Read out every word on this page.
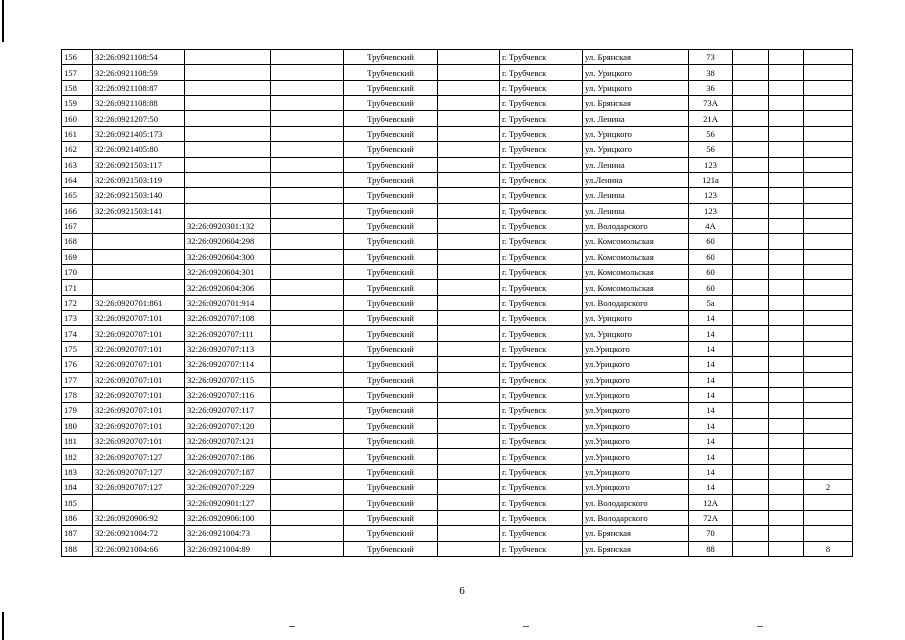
156	32:26:0921108:54			Трубчевский		г. Трубчевск	ул. Брянская	73			
157	32:26:0921108:59			Трубчевский		г. Трубчевск	ул. Урицкого	38			
158	32:26:0921108:87			Трубчевский		г. Трубчевск	ул. Урицкого	36			
159	32:26:0921108:88			Трубчевский		г. Трубчевск	ул. Брянская	73А			
160	32:26:0921207:50			Трубчевский		г. Трубчевск	ул. Ленина	21А			
161	32:26:0921405:173			Трубчевский		г. Трубчевск	ул. Урицкого	56			
162	32:26:0921405:80			Трубчевский		г. Трубчевск	ул. Урицкого	56			
163	32:26:0921503:117			Трубчевский		г. Трубчевск	ул. Ленина	123			
164	32:26:0921503:119			Трубчевский		г. Трубчевск	ул.Ленина	121а			
165	32:26:0921503:140			Трубчевский		г. Трубчевск	ул. Ленина	123			
166	32:26:0921503:141			Трубчевский		г. Трубчевск	ул. Ленина	123			
167		32:26:0920301:132		Трубчевский		г. Трубчевск	ул. Володарского	4А			
168		32:26:0920604:298		Трубчевский		г. Трубчевск	ул. Комсомольская	60			
169		32:26:0920604:300		Трубчевский		г. Трубчевск	ул. Комсомольская	60			
170		32:26:0920604:301		Трубчевский		г. Трубчевск	ул. Комсомольская	60			
171		32:26:0920604:306		Трубчевский		г. Трубчевск	ул. Комсомольская	60			
172	32:26:0920701:861	32:26:0920701:914		Трубчевский		г. Трубчевск	ул. Володарского	5а			
173	32:26:0920707:101	32:26:0920707:108		Трубчевский		г. Трубчевск	ул. Урицкого	14			
174	32:26:0920707:101	32:26:0920707:111		Трубчевский		г. Трубчевск	ул. Урицкого	14			
175	32:26:0920707:101	32:26:0920707:113		Трубчевский		г. Трубчевск	ул.Урицкого	14			
176	32:26:0920707:101	32:26:0920707:114		Трубчевский		г. Трубчевск	ул.Урицкого	14			
177	32:26:0920707:101	32:26:0920707:115		Трубчевский		г. Трубчевск	ул.Урицкого	14			
178	32:26:0920707:101	32:26:0920707:116		Трубчевский		г. Трубчевск	ул.Урицкого	14			
179	32:26:0920707:101	32:26:0920707:117		Трубчевский		г. Трубчевск	ул.Урицкого	14			
180	32:26:0920707:101	32:26:0920707:120		Трубчевский		г. Трубчевск	ул.Урицкого	14			
181	32:26:0920707:101	32:26:0920707:121		Трубчевский		г. Трубчевск	ул.Урицкого	14			
182	32:26:0920707:127	32:26:0920707:186		Трубчевский		г. Трубчевск	ул.Урицкого	14			
183	32:26:0920707:127	32:26:0920707:187		Трубчевский		г. Трубчевск	ул.Урицкого	14			
184	32:26:0920707:127	32:26:0920707:229		Трубчевский		г. Трубчевск	ул.Урицкого	14			2
185		32:26:0920901:127		Трубчевский		г. Трубчевск	ул. Володарского	12А			
186	32:26:0920906:92	32:26:0920906:100		Трубчевский		г. Трубчевск	ул. Володарского	72А			
187	32:26:0921004:72	32:26:0921004:73		Трубчевский		г. Трубчевск	ул. Брянская	70			
188	32:26:0921004:66	32:26:0921004:89		Трубчевский		г. Трубчевск	ул. Брянская	88			8
6
